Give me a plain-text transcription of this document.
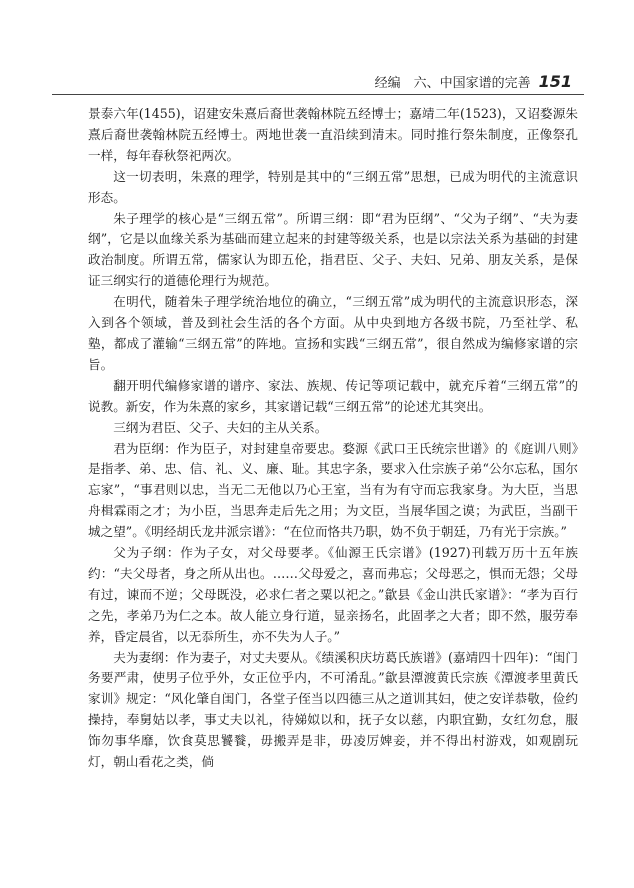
经编　六、中国家谱的完善 151

景泰六年(1455)，诏建安朱熹后裔世袭翰林院五经博士；嘉靖二年(1523)，又诏婺源朱熹后裔世袭翰林院五经博士。两地世袭一直沿续到清末。同时推行祭朱制度，正像祭孔一样，每年春秋祭祀两次。

这一切表明，朱熹的理学，特别是其中的“三纲五常”思想，已成为明代的主流意识形态。

朱子理学的核心是“三纲五常”。所谓三纲：即“君为臣纲”、“父为子纲”、“夫为妻纲”，它是以血缘关系为基础而建立起来的封建等级关系，也是以宗法关系为基础的封建政治制度。所谓五常，儒家认为即五伦，指君臣、父子、夫妇、兄弟、朋友关系，是保证三纲实行的道德伦理行为规范。

在明代，随着朱子理学统治地位的确立，“三纲五常”成为明代的主流意识形态，深入到各个领域，普及到社会生活的各个方面。从中央到地方各级书院，乃至社学、私塾，都成了灌输“三纲五常”的阵地。宣扬和实践“三纲五常”，很自然成为编修家谱的宗旨。

翻开明代编修家谱的谱序、家法、族规、传记等项记载中，就充斥着“三纲五常”的说教。新安，作为朱熹的家乡，其家谱记载“三纲五常”的论述尤其突出。

三纲为君臣、父子、夫妇的主从关系。

君为臣纲：作为臣子，对封建皇帝要忠。婺源《武口王氏统宗世谱》的《庭训八则》是指孝、弟、忠、信、礼、义、廉、耻。其忠字条，要求入仕宗族子弟“公尔忘私，国尔忘家”，“事君则以忠，当无二无他以乃心王室，当有为有守而忘我家身。为大臣，当思舟楫霖雨之才；为小臣，当思奔走后先之用；为文臣，当展华国之谟；为武臣，当副干城之望”。《明经胡氏龙井派宗谱》：“在位而恪共乃职，妫不负于朝廷，乃有光于宗族。”

父为子纲：作为子女，对父母要孝。《仙源王氏宗谱》(1927)刊载万历十五年族约：“夫父母者，身之所从出也。……父母爱之，喜而弗忘；父母恶之，惧而无怨；父母有过，谏而不逆；父母既没，必求仁者之粟以祀之。”歙县《金山洪氏家谱》：“孝为百行之先，孝弟乃为仁之本。故人能立身行道，显亲扬名，此固孝之大者；即不然，服劳奉养，昏定晨省，以无忝所生，亦不失为人子。”

夫为妻纲：作为妻子，对丈夫要从。《绩溪积庆坊葛氏族谱》(嘉靖四十四年)：“闺门务要严肃，使男子位乎外，女正位乎内，不可淆乱。”歙县潭渡黄氏宗族《潭渡孝里黄氏家训》规定：“风化肇自闺门，各堂子侄当以四德三从之道训其妇，使之安详恭敬，俭约操持，奉舅姑以孝，事丈夫以礼，待娣姒以和，抚子女以慈，内职宜勤，女红勿怠，服饰勿事华靡，饮食莫思饕餮，毋搬弄是非，毋凌厉婢妾，并不得出村游戏，如观剧玩灯，朝山看花之类，倘
